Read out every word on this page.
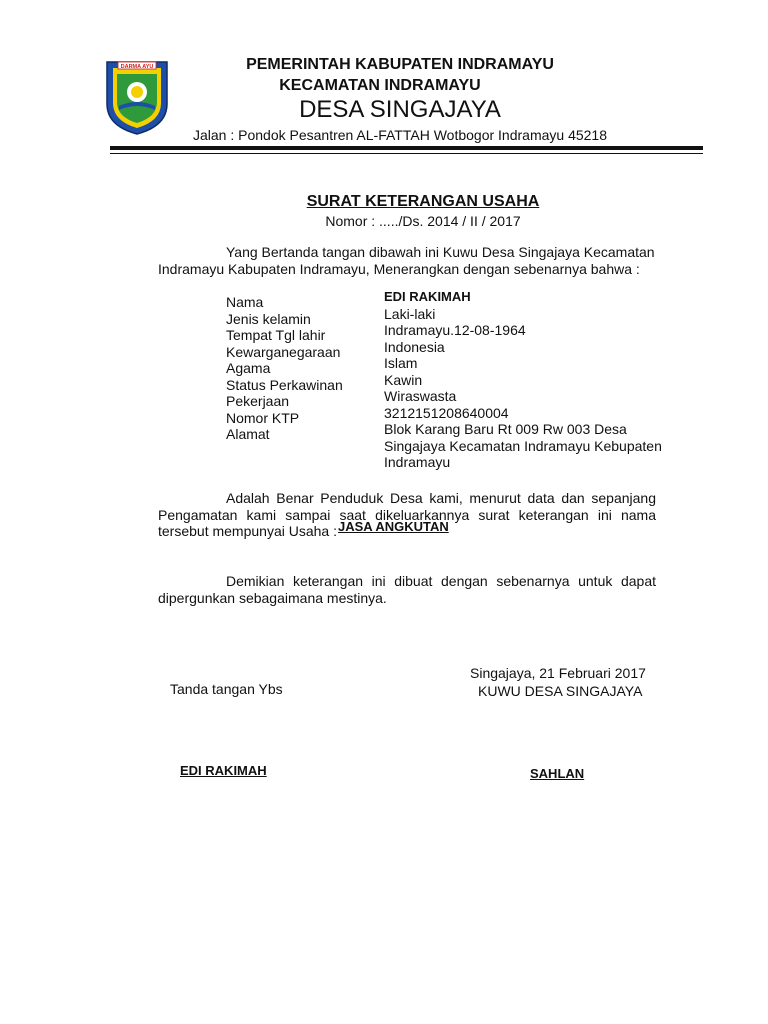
DARMA AYU	PEMERINTAH KABUPATEN INDRAMAYU
KECAMATAN INDRAMAYU
DESA SINGAJAYA
Jalan : Pondok Pesantren AL-FATTAH Wotbogor Indramayu 45218
SURAT KETERANGAN USAHA
Nomor : ...../Ds. 2014 / II / 2017
Yang Bertanda tangan dibawah ini Kuwu Desa Singajaya Kecamatan
Indramayu Kabupaten Indramayu, Menerangkan dengan sebenarnya bahwa :
Nama
Jenis kelamin
Tempat Tgl lahir
Kewarganegaraan
Agama
Status Perkawinan
Pekerjaan
Nomor KTP
Alamat
EDI RAKIMAH
Laki-laki
Indramayu.12-08-1964
Indonesia
Islam
Kawin
Wiraswasta
3212151208640004
Blok Karang Baru Rt 009 Rw 003 Desa
Singajaya Kecamatan Indramayu Kebupaten
Indramayu
Adalah Benar Penduduk Desa kami, menurut data dan sepanjang
Pengamatan kami sampai saat dikeluarkannya surat keterangan ini nama
tersebut mempunyai Usaha : JASA ANGKUTAN
Demikian keterangan ini dibuat dengan sebenarnya untuk dapat
dipergunkan sebagaimana mestinya.
Singajaya, 21 Februari 2017
KUWU DESA SINGAJAYA
Tanda tangan Ybs
EDI RAKIMAH	SAHLAN
